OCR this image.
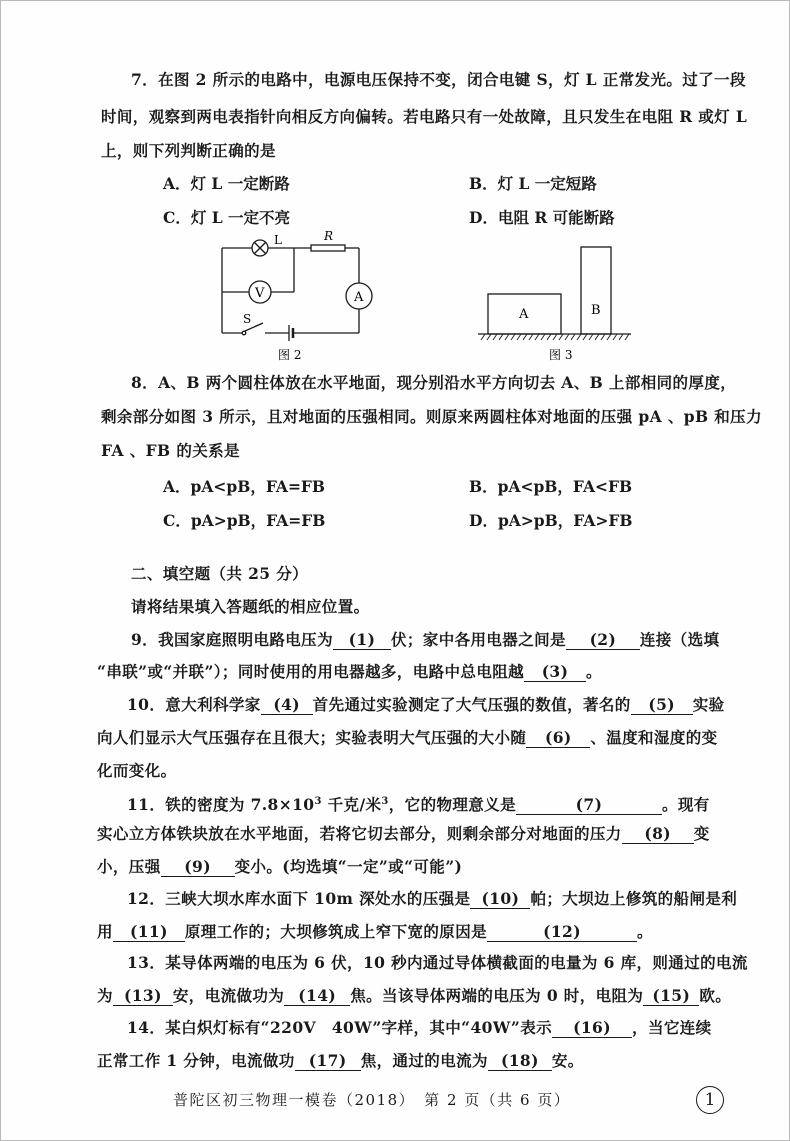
7．在图 2 所示的电路中，电源电压保持不变，闭合电键 S，灯 L 正常发光。过了一段
时间，观察到两电表指针向相反方向偏转。若电路只有一处故障，且只发生在电阻 R 或灯 L
上，则下列判断正确的是
A．灯 L 一定断路	B．灯 L 一定短路
C．灯 L 一定不亮	D．电阻 R 可能断路
L	R
V	A
S
图 2
A	B
图 3
8．A、B 两个圆柱体放在水平地面，现分别沿水平方向切去 A、B 上部相同的厚度，
剩余部分如图 3 所示，且对地面的压强相同。则原来两圆柱体对地面的压强 pA 、pB 和压力
FA 、FB 的关系是
A．pA<pB，FA=FB	B．pA<pB，FA<FB
C．pA>pB，FA=FB	D．pA>pB，FA>FB
二、填空题（共 25 分）
请将结果填入答题纸的相应位置。
9．我国家庭照明电路电压为 (1) 伏；家中各用电器之间是 (2) 连接（选填
“串联”或“并联”）；同时使用的用电器越多，电路中总电阻越 (3) 。
10．意大利科学家 (4) 首先通过实验测定了大气压强的数值，著名的 (5) 实验
向人们显示大气压强存在且很大；实验表明大气压强的大小随 (6) 、温度和湿度的变
化而变化。
11．铁的密度为 $7.8\times 10^3$ 千克/米$^3$，它的物理意义是	(7)	。现有
实心立方体铁块放在水平地面，若将它切去部分，则剩余部分对地面的压力 (8) 变
小，压强 (9) 变小。(均选填“一定”或“可能”)
12．三峡大坝水库水面下 10m 深处水的压强是 (10) 帕；大坝边上修筑的船闸是利
用 (11) 原理工作的；大坝修筑成上窄下宽的原因是	(12)	。
13．某导体两端的电压为 6 伏，10 秒内通过导体横截面的电量为 6 库，则通过的电流
为 (13) 安，电流做功为 (14) 焦。当该导体两端的电压为 0 时，电阻为 (15) 欧。
14．某白炽灯标有“220V　40W”字样，其中“40W”表示 (16) ，当它连续
正常工作 1 分钟，电流做功 (17) 焦，通过的电流为 (18) 安。
普陀区初三物理一模卷（2018）　第 2 页（共 6 页）	1
